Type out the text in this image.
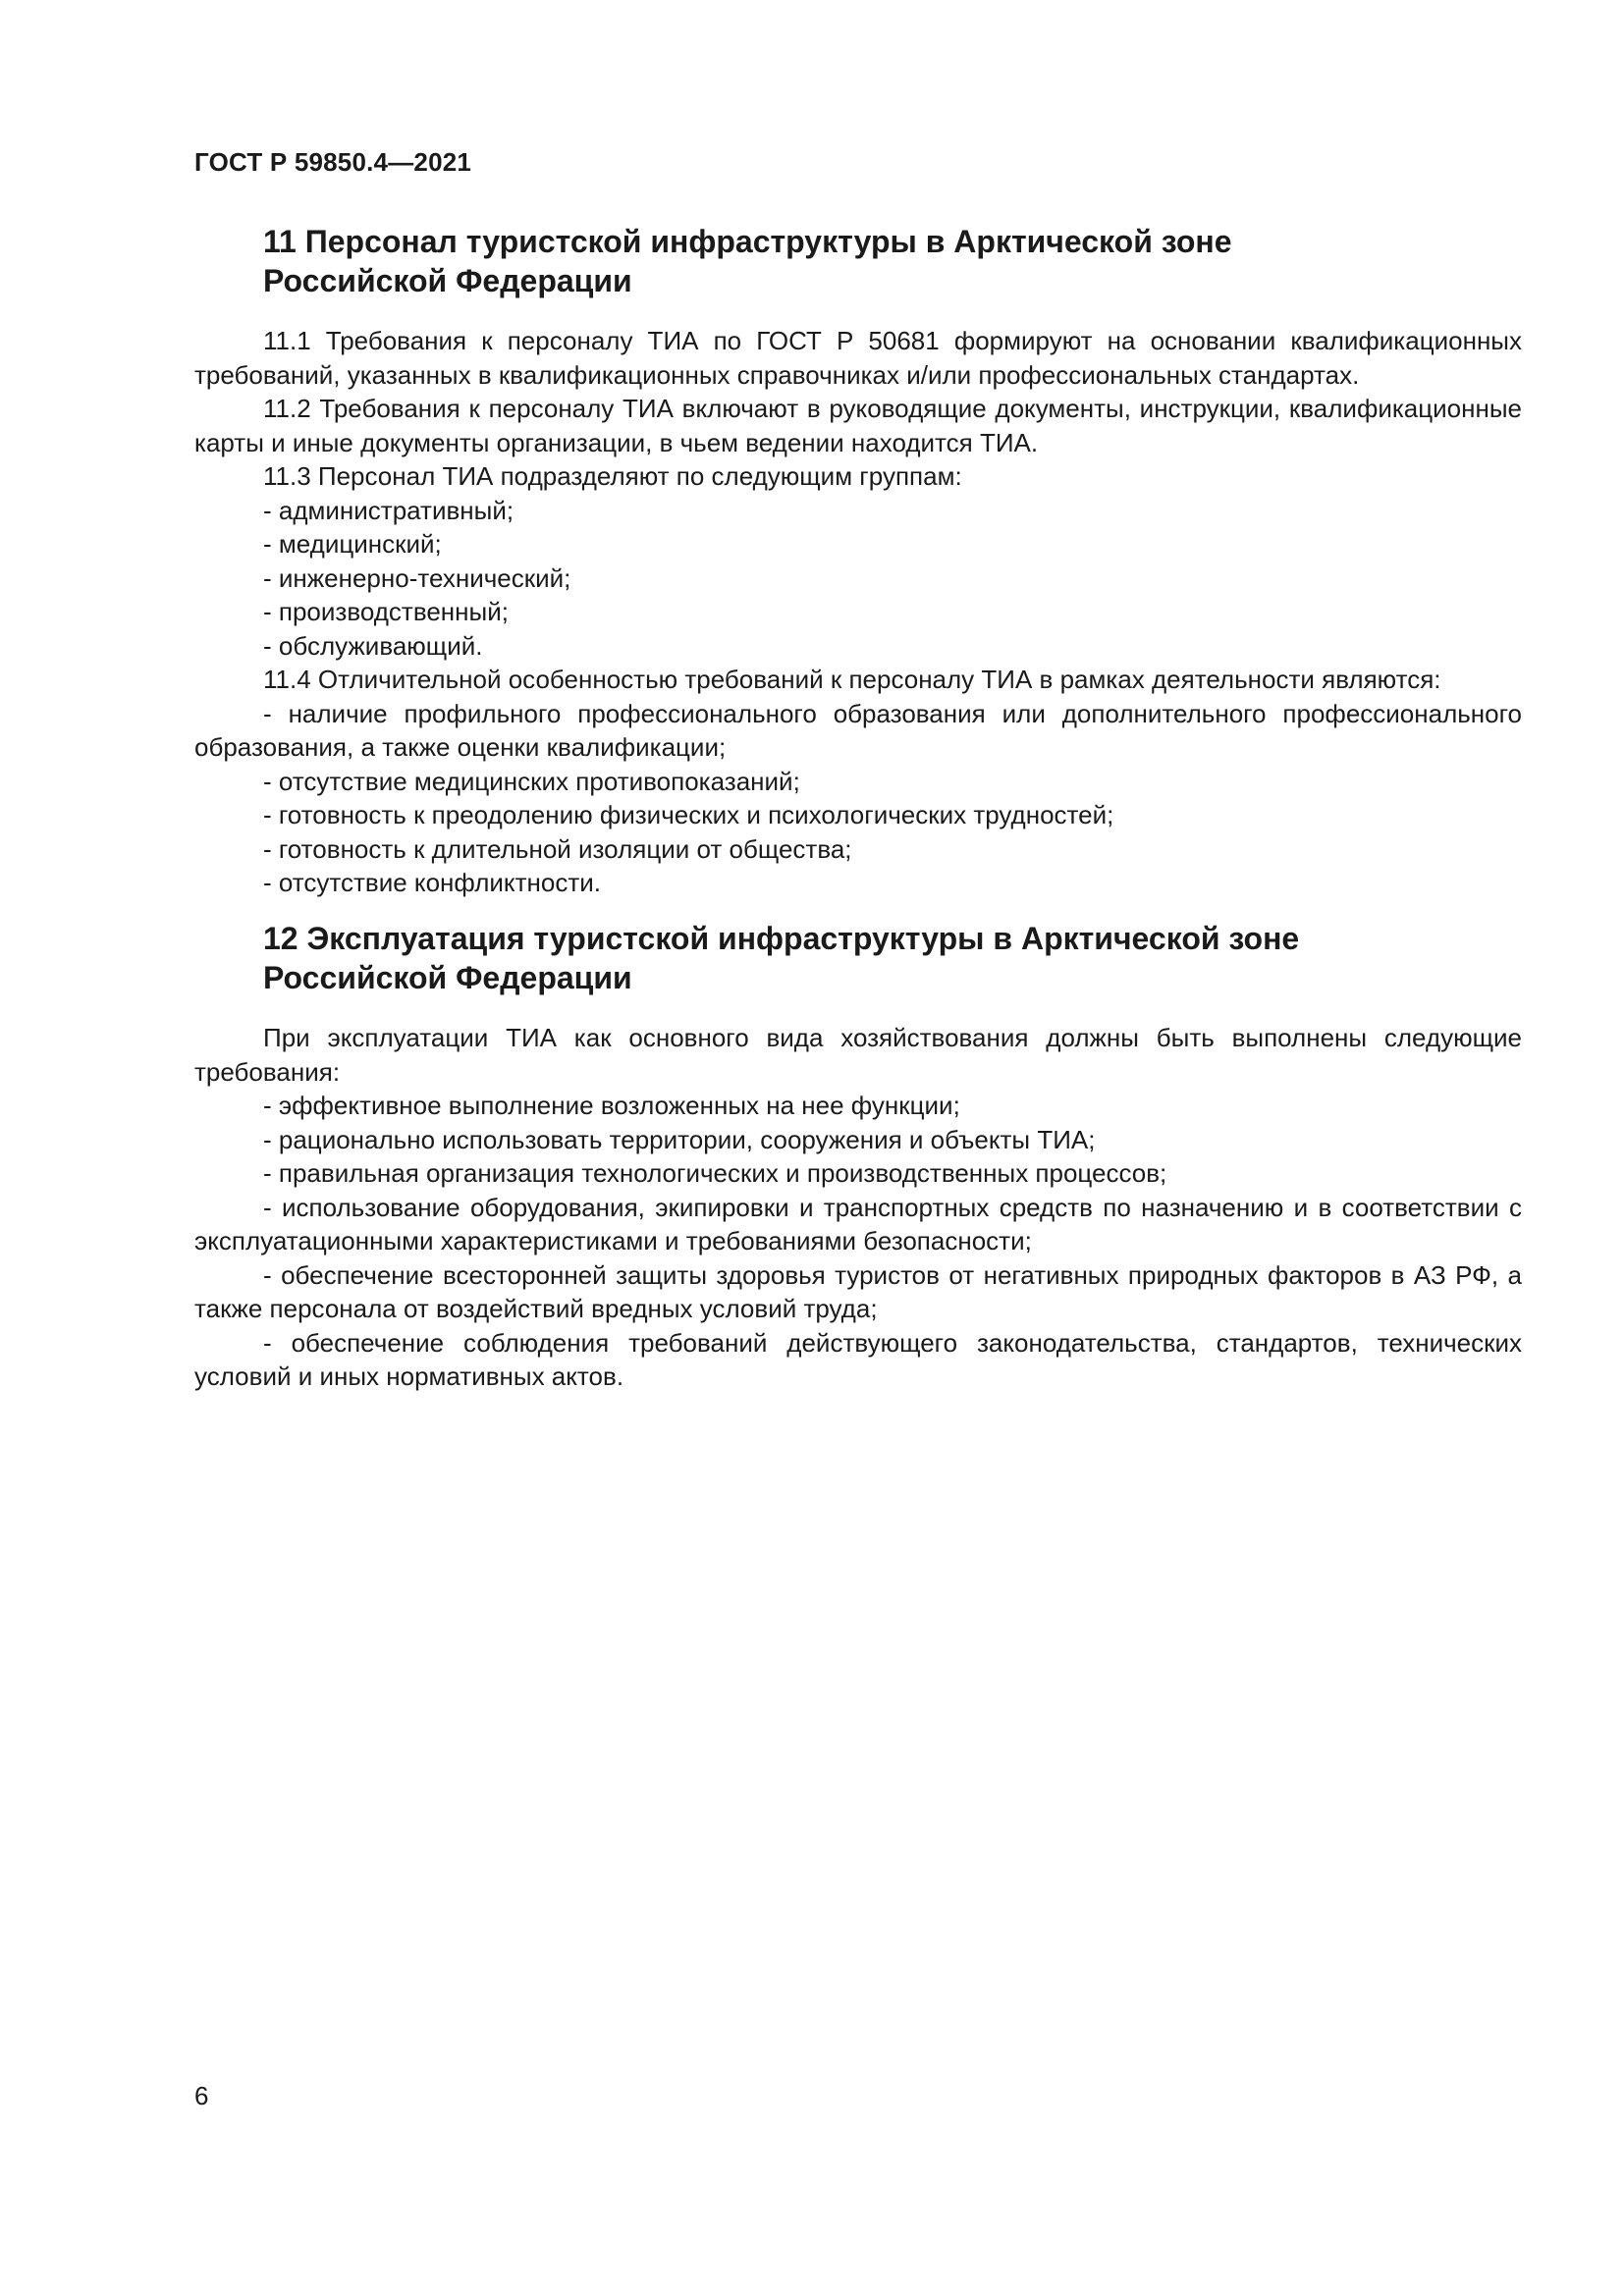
ГОСТ Р 59850.4—2021
11 Персонал туристской инфраструктуры в Арктической зоне
Российской Федерации

11.1 Требования к персоналу ТИА по ГОСТ Р 50681 формируют на основании квалификационных требований, указанных в квалификационных справочниках и/или профессиональных стандартах.

11.2 Требования к персоналу ТИА включают в руководящие документы, инструкции, квалификационные карты и иные документы организации, в чьем ведении находится ТИА.

11.3 Персонал ТИА подразделяют по следующим группам:

- административный;

- медицинский;

- инженерно-технический;

- производственный;

- обслуживающий.

11.4 Отличительной особенностью требований к персоналу ТИА в рамках деятельности являются:

- наличие профильного профессионального образования или дополнительного профессионального образования, а также оценки квалификации;

- отсутствие медицинских противопоказаний;

- готовность к преодолению физических и психологических трудностей;

- готовность к длительной изоляции от общества;

- отсутствие конфликтности.

12 Эксплуатация туристской инфраструктуры в Арктической зоне
Российской Федерации

При эксплуатации ТИА как основного вида хозяйствования должны быть выполнены следующие требования:

- эффективное выполнение возложенных на нее функции;

- рационально использовать территории, сооружения и объекты ТИА;

- правильная организация технологических и производственных процессов;

- использование оборудования, экипировки и транспортных средств по назначению и в соответствии с эксплуатационными характеристиками и требованиями безопасности;

- обеспечение всесторонней защиты здоровья туристов от негативных природных факторов в АЗ РФ, а также персонала от воздействий вредных условий труда;

- обеспечение соблюдения требований действующего законодательства, стандартов, технических условий и иных нормативных актов.

6
